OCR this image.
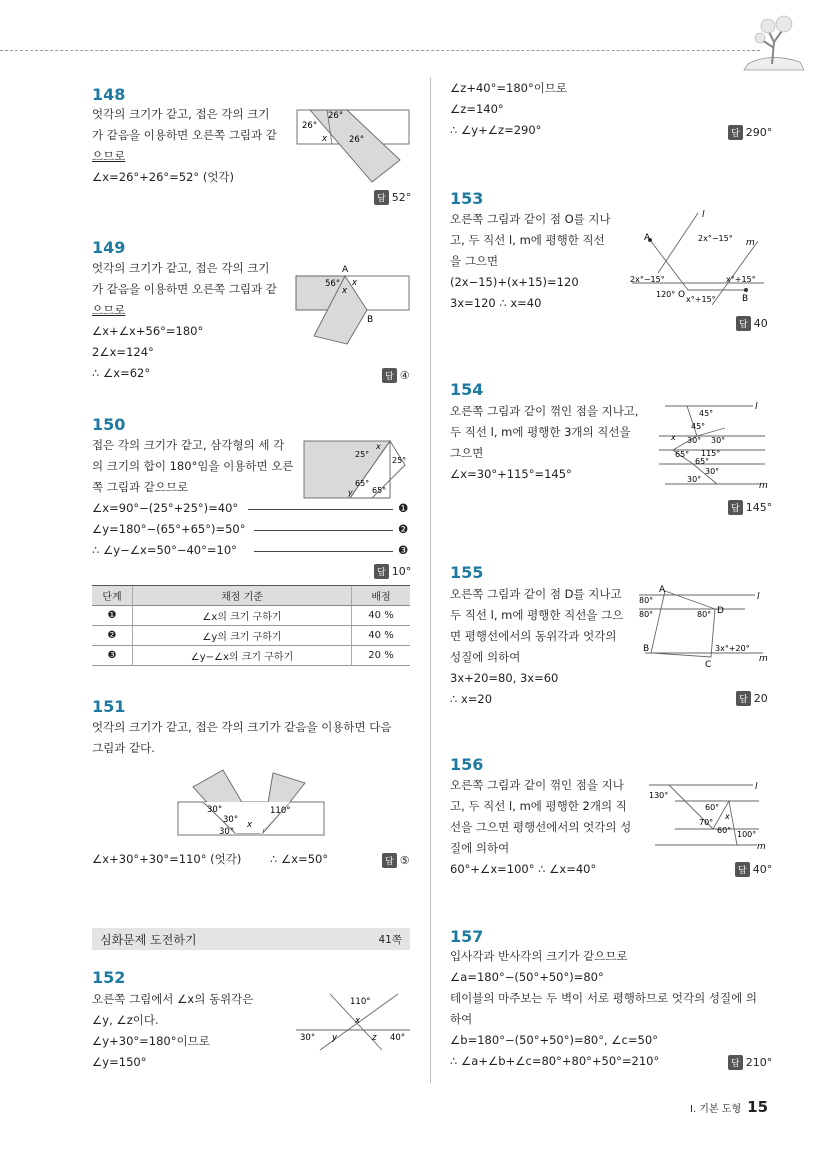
148
엇각의 크기가 같고, 접은 각의 크기
가 같음을 이용하면 오른쪽 그림과 같
으므로
∠x=26°+26°=52° (엇각)
26°
26°
x	26°
답 52°
149
엇각의 크기가 같고, 접은 각의 크기
가 같음을 이용하면 오른쪽 그림과 같
으므로
∠x+∠x+56°=180°
2∠x=124°
∴ ∠x=62°
A
56° x
x
B
답 ④
150
접은 각의 크기가 같고, 삼각형의 세 각
의 크기의 합이 180°임을 이용하면 오른
쪽 그림과 같으므로
x
25°
25°
65°
65°
y
∠x=90°−(25°+25°)=40°	❶
∠y=180°−(65°+65°)=50°	❷
∴ ∠y−∠x=50°−40°=10°	❸
답 10°
단계	채점 기준	배점
❶	∠x의 크기 구하기	40 %
❷	∠y의 크기 구하기	40 %
❸	∠y−∠x의 크기 구하기	20 %
151
엇각의 크기가 같고, 접은 각의 크기가 같음을 이용하면 다음
그림과 같다.
30°
30°
30°
x
110°
∠x+30°+30°=110° (엇각) ∴ ∠x=50°	답 ⑤
심화문제 도전하기	41쪽
152
오른쪽 그림에서 ∠x의 동위각은
∠y, ∠z이다.
∠y+30°=180°이므로
∠y=150°
110°
x
30° y	z 40°
∠z+40°=180°이므로
∠z=140°
∴ ∠y+∠z=290°	답 290°
153
오른쪽 그림과 같이 점 O를 지나
고, 두 직선 l, m에 평행한 직선
을 그으면
(2x−15)+(x+15)=120
3x=120 ∴ x=40
l
A	2x°−15° m
2x°−15°	x°+15°
120° O x°+15°	B
답 40
154
오른쪽 그림과 같이 꺾인 점을 지나고,
두 직선 l, m에 평행한 3개의 직선을
그으면
∠x=30°+115°=145°
45°
l
45°
x 30° 30°
65° 115°
65°
30°
30°
m
답 145°
155
오른쪽 그림과 같이 점 D를 지나고
두 직선 l, m에 평행한 직선을 그으
면 평행선에서의 동위각과 엇각의
성질에 의하여
3x+20=80, 3x=60
∴ x=20
A
80°
80°
l
80° D
B	3x°+20°
C
m
답 20
156
오른쪽 그림과 같이 꺾인 점을 지나
고, 두 직선 l, m에 평행한 2개의 직
선을 그으면 평행선에서의 엇각의 성
질에 의하여
60°+∠x=100° ∴ ∠x=40°
l
130°
60°
70°
x
60° 100°
m
답 40°
157
입사각과 반사각의 크기가 같으므로
∠a=180°−(50°+50°)=80°
테이블의 마주보는 두 벽이 서로 평행하므로 엇각의 성질에 의
하여
∠b=180°−(50°+50°)=80°, ∠c=50°
∴ ∠a+∠b+∠c=80°+80°+50°=210°	답 210°
Ⅰ. 기본 도형 15
